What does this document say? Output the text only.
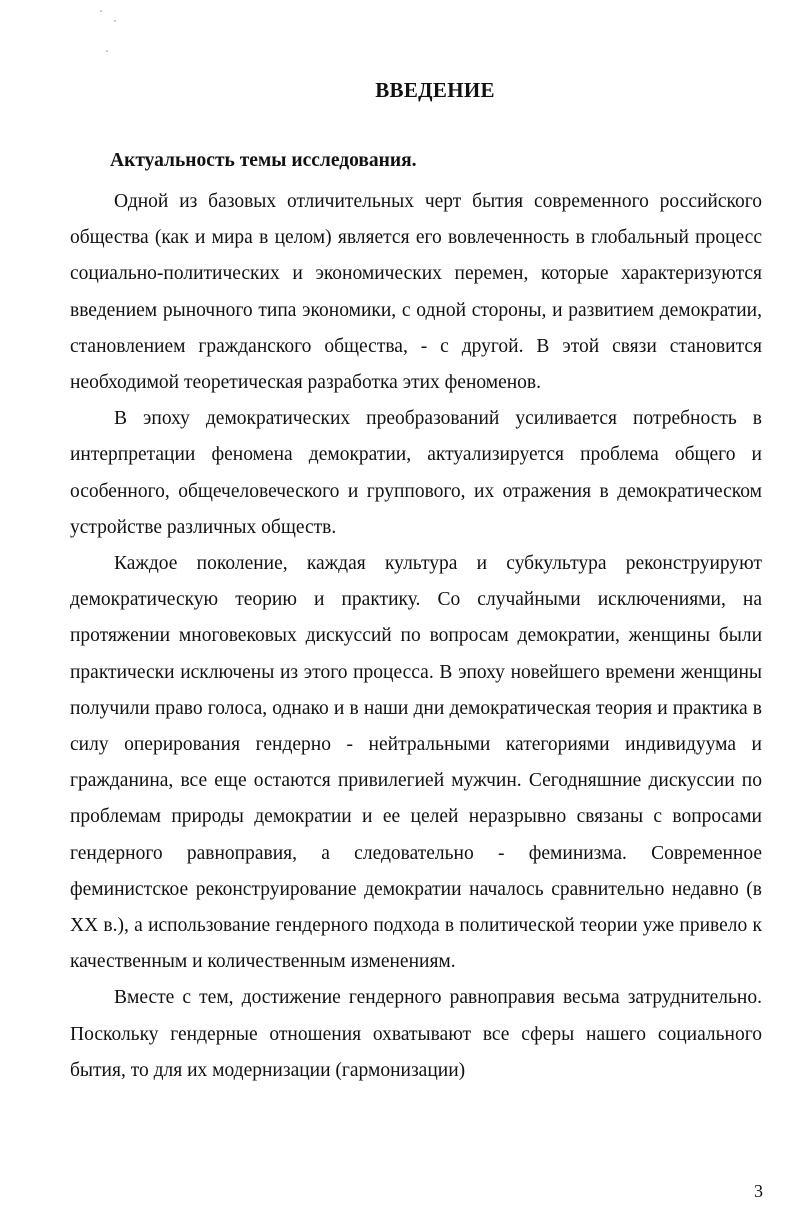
ВВЕДЕНИЕ
Актуальность темы исследования.

Одной из базовых отличительных черт бытия современного российского общества (как и мира в целом) является его вовлеченность в глобальный процесс социально-политических и экономических перемен, которые характеризуются введением рыночного типа экономики, с одной стороны, и развитием демократии, становлением гражданского общества, - с другой. В этой связи становится необходимой теоретическая разработка этих феноменов.

В эпоху демократических преобразований усиливается потребность в интерпретации феномена демократии, актуализируется проблема общего и особенного, общечеловеческого и группового, их отражения в демократическом устройстве различных обществ.

Каждое поколение, каждая культура и субкультура реконструируют демократическую теорию и практику. Со случайными исключениями, на протяжении многовековых дискуссий по вопросам демократии, женщины были практически исключены из этого процесса. В эпоху новейшего времени женщины получили право голоса, однако и в наши дни демократическая теория и практика в силу оперирования гендерно - нейтральными категориями индивидуума и гражданина, все еще остаются привилегией мужчин. Сегодняшние дискуссии по проблемам природы демократии и ее целей неразрывно связаны с вопросами гендерного равноправия, а следовательно - феминизма. Современное феминистское реконструирование демократии началось сравнительно недавно (в XX в.), а использование гендерного подхода в политической теории уже привело к качественным и количественным изменениям.

Вместе с тем, достижение гендерного равноправия весьма затруднительно. Поскольку гендерные отношения охватывают все сферы нашего социального бытия, то для их модернизации (гармонизации)

3
